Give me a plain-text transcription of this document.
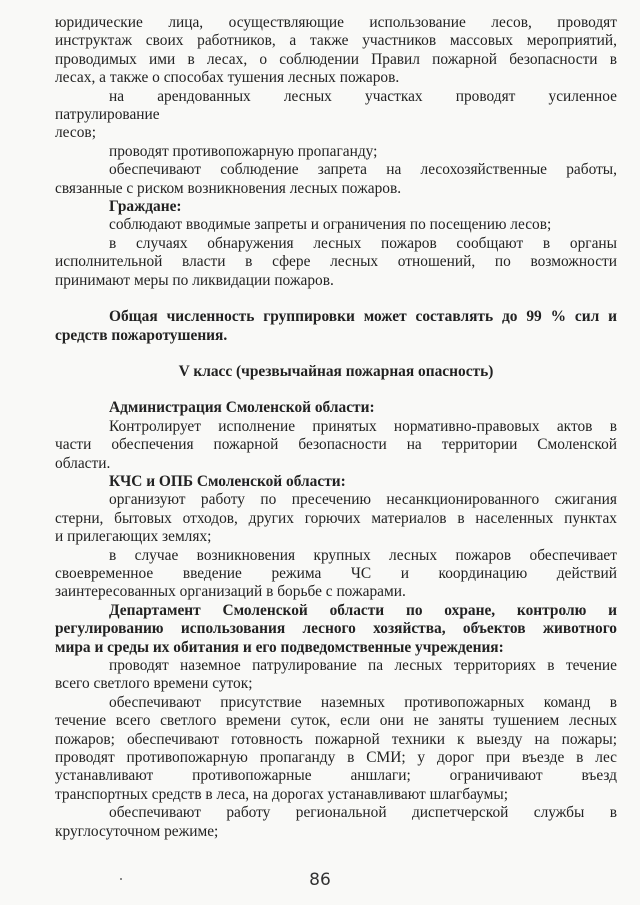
юридические лица, осуществляющие использование лесов, проводят
инструктаж своих работников, а также участников массовых мероприятий,
проводимых ими в лесах, о соблюдении Правил пожарной безопасности в
лесах, а также о способах тушения лесных пожаров.
на арендованных лесных участках проводят усиленное
патрулирование
лесов;
проводят противопожарную пропаганду;
обеспечивают соблюдение запрета на лесохозяйственные работы,
связанные с риском возникновения лесных пожаров.
Граждане:
соблюдают вводимые запреты и ограничения по посещению лесов;
в случаях обнаружения лесных пожаров сообщают в органы
исполнительной власти в сфере лесных отношений, по возможности
принимают меры по ликвидации пожаров.
Общая численность группировки может составлять до 99 % сил и
средств пожаротушения.
V класс (чрезвычайная пожарная опасность)
Администрация Смоленской области:
Контролирует исполнение принятых нормативно-правовых актов в
части обеспечения пожарной безопасности на территории Смоленской
области.
КЧС и ОПБ Смоленской области:
организуют работу по пресечению несанкционированного сжигания
стерни, бытовых отходов, других горючих материалов в населенных пунктах
и прилегающих землях;
в случае возникновения крупных лесных пожаров обеспечивает
своевременное введение режима ЧС и координацию действий
заинтересованных организаций в борьбе с пожарами.
Департамент Смоленской области по охране, контролю и
регулированию использования лесного хозяйства, объектов животного
мира и среды их обитания и его подведомственные учреждения:
проводят наземное патрулирование па лесных территориях в течение
всего светлого времени суток;
обеспечивают присутствие наземных противопожарных команд в
течение всего светлого времени суток, если они не заняты тушением лесных
пожаров; обеспечивают готовность пожарной техники к выезду на пожары;
проводят противопожарную пропаганду в СМИ; у дорог при въезде в лес
устанавливают противопожарные аншлаги; ограничивают въезд
транспортных средств в леса, на дорогах устанавливают шлагбаумы;
обеспечивают работу региональной диспетчерской службы в
круглосуточном режиме;
86
